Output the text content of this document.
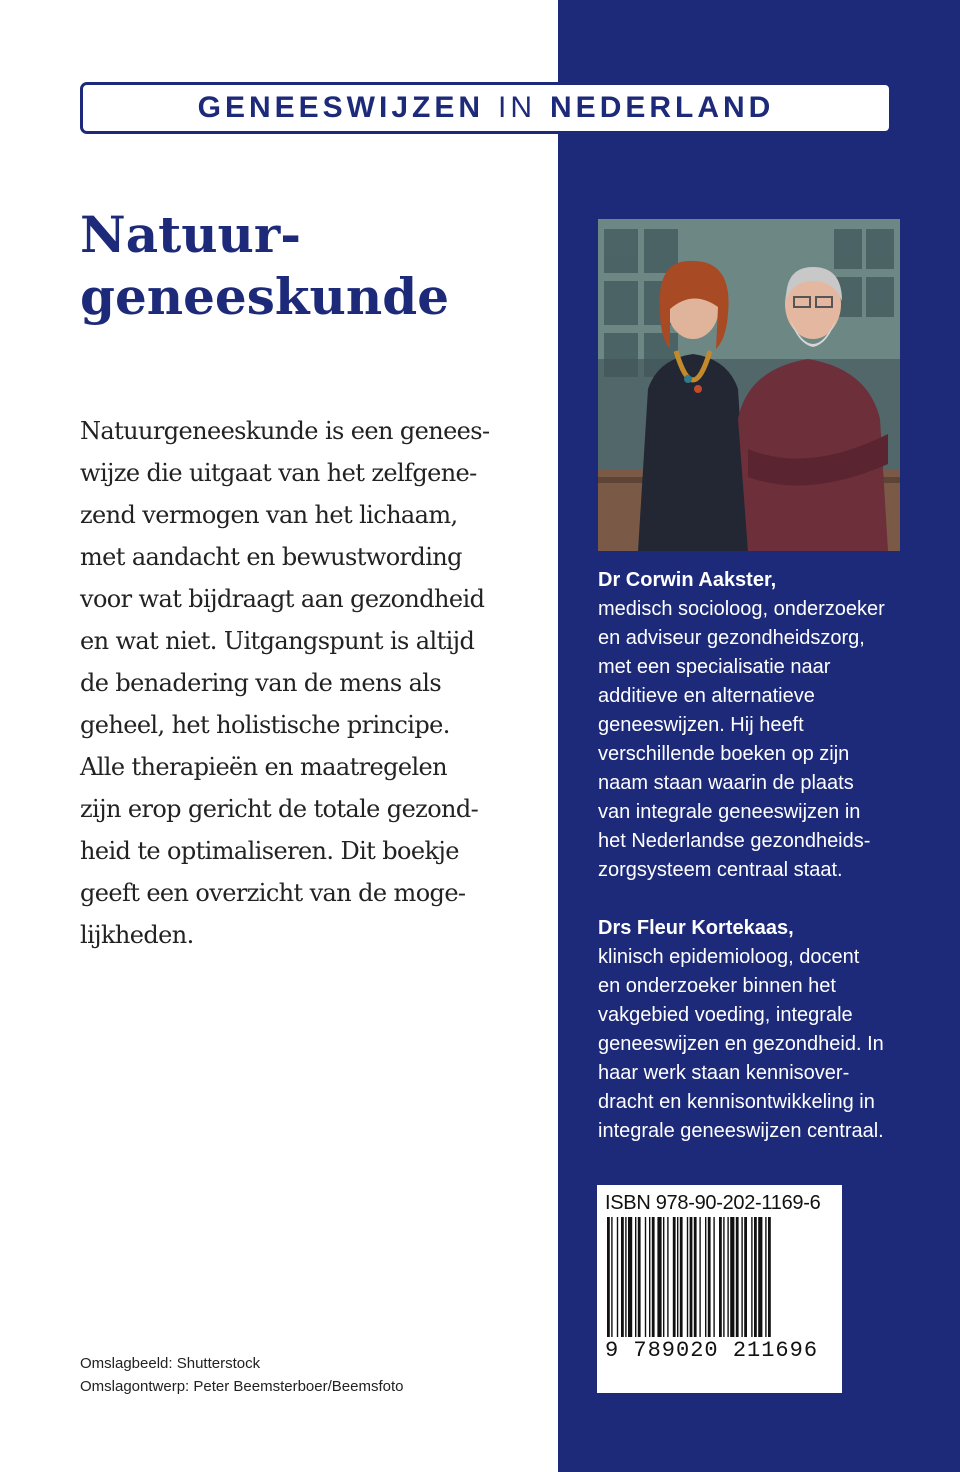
GENEESWIJZEN IN NEDERLAND
Natuur-
geneeskunde
Natuurgeneeskunde is een genees-
wijze die uitgaat van het zelfgene-
zend vermogen van het lichaam,
met aandacht en bewustwording
voor wat bijdraagt aan gezondheid
en wat niet. Uitgangspunt is altijd
de benadering van de mens als
geheel, het holistische principe.
Alle therapieën en maatregelen
zijn erop gericht de totale gezond-
heid te optimaliseren. Dit boekje
geeft een overzicht van de moge-
lijkheden.
Omslagbeeld: Shutterstock
Omslagontwerp: Peter Beemsterboer/Beemsfoto
Dr Corwin Aakster,
medisch socioloog, onderzoeker
en adviseur gezondheidszorg,
met een specialisatie naar
additieve en alternatieve
geneeswijzen. Hij heeft
verschillende boeken op zijn
naam staan waarin de plaats
van integrale geneeswijzen in
het Nederlandse gezondheids-
zorgsysteem centraal staat.
Drs Fleur Kortekaas,
klinisch epidemioloog, docent
en onderzoeker binnen het
vakgebied voeding, integrale
geneeswijzen en gezondheid. In
haar werk staan kennisover-
dracht en kennisontwikkeling in
integrale geneeswijzen centraal.
ISBN 978-90-202-1169-6
9 789020 211696
